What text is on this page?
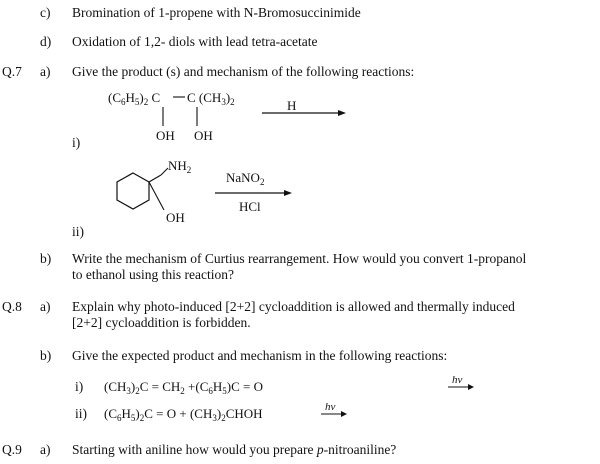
c) Bromination of 1-propene with N-Bromosuccinimide
d) Oxidation of 1,2- diols with lead tetra-acetate
Q.7 a) Give the product (s) and mechanism of the following reactions:
$(C_6H_5)_2$ C C $(CH_3)_2$
OH OH
H
i)
$NH_2$
OH
NaNO$_2$
HCl
ii)
b) Write the mechanism of Curtius rearrangement. How would you convert 1-propanol
to ethanol using this reaction?
Q.8 a) Explain why photo-induced [2+2] cycloaddition is allowed and thermally induced
[2+2] cycloaddition is forbidden.
b) Give the expected product and mechanism in the following reactions:
i) $(CH_3)_2C = CH_2 +(C_6H_5)C = O$	hv
ii) $(C_6H_5)_2C = O$ + $(CH_3)_2CHOH$	hv
Q.9 a) Starting with aniline how would you prepare p-nitroaniline?
